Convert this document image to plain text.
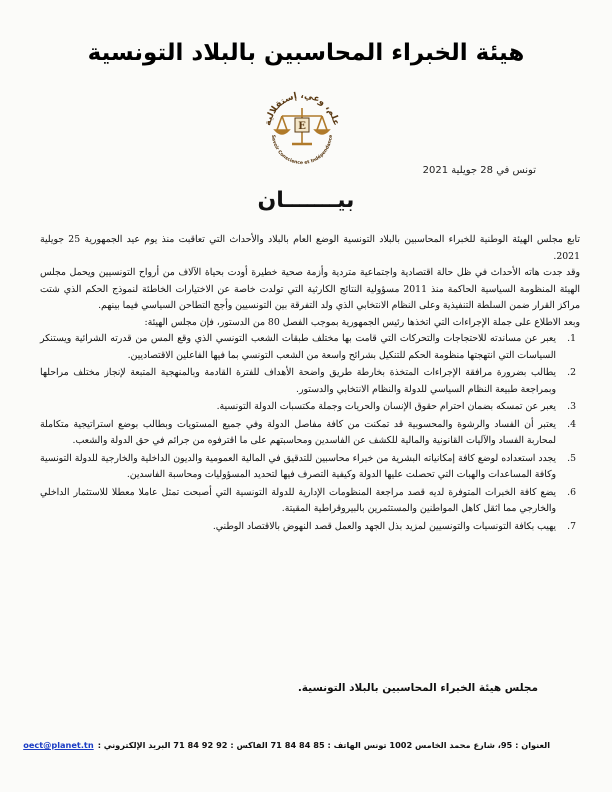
هيئة الخبراء المحاسبين بالبلاد التونسية
علم، وعي، إستقلالية
Savoir Conscience et Indépendance
E
تونس في 28 جويلية 2021
بيـــــــان

تابع مجلس الهيئة الوطنية للخبراء المحاسبين بالبلاد التونسية الوضع العام بالبلاد والأحداث التي تعاقبت منذ يوم عيد الجمهورية 25 جويلية 2021.

وقد جدت هاته الأحداث في ظل حالة اقتصادية واجتماعية متردية وأزمة صحية خطيرة أودت بحياة الآلاف من أرواح التونسيين ويحمل مجلس الهيئة المنظومة السياسية الحاكمة منذ 2011 مسؤولية النتائج الكارثية التي تولدت خاصة عن الاختيارات الخاطئة لنموذج الحكم الذي شتت مراكز القرار ضمن السلطة التنفيذية وعلى النظام الانتخابي الذي ولد التفرقة بين التونسيين وأجج التطاحن السياسي فيما بينهم.

وبعد الاطلاع على جملة الإجراءات التي اتخذها رئيس الجمهورية بموجب الفصل 80 من الدستور، فإن مجلس الهيئة:

1.
يعبر عن مساندته للاحتجاجات والتحركات التي قامت بها مختلف طبقات الشعب التونسي الذي وقع المس من قدرته الشرائية ويستنكر السياسات التي انتهجتها منظومة الحكم للتنكيل بشرائح واسعة من الشعب التونسي بما فيها الفاعلين الاقتصاديين.
2.
يطالب بضرورة مرافقة الإجراءات المتخذة بخارطة طريق واضحة الأهداف للفترة القادمة وبالمنهجية المتبعة لإنجاز مختلف مراحلها وبمراجعة طبيعة النظام السياسي للدولة والنظام الانتخابي والدستور.
3.
يعبر عن تمسكه بضمان احترام حقوق الإنسان والحريات وجملة مكتسبات الدولة التونسية.
4.
يعتبر أن الفساد والرشوة والمحسوبية قد تمكنت من كافة مفاصل الدولة وفي جميع المستويات وبطالب بوضع استراتيجية متكاملة لمحاربة الفساد والآليات القانونية والمالية للكشف عن الفاسدين ومحاسبتهم على ما اقترفوه من جرائم في حق الدولة والشعب.
5.
يجدد استعداده لوضع كافة إمكانياته البشرية من خبراء محاسبين للتدقيق في المالية العمومية والديون الداخلية والخارجية للدولة التونسية وكافة المساعدات والهبات التي تحصلت عليها الدولة وكيفية التصرف فيها لتحديد المسؤوليات ومحاسبة الفاسدين.
6.
يضع كافة الخبرات المتوفرة لديه قصد مراجعة المنظومات الإدارية للدولة التونسية التي أصبحت تمثل عاملا معطلا للاستثمار الداخلي والخارجي مما اثقل كاهل المواطنين والمستثمرين بالبيروقراطية المقيتة.
7.
يهيب بكافة التونسيات والتونسيين لمزيد بذل الجهد والعمل قصد النهوض بالاقتصاد الوطني.
مجلس هيئة الخبراء المحاسبين بالبلاد التونسية.
العنوان : 95، شارع محمد الخامس 1002 تونس الهاتف : 85 84 84 71 الفاكس : 92 92 84 71 البريد الإلكتروني :oect@planet.tn
